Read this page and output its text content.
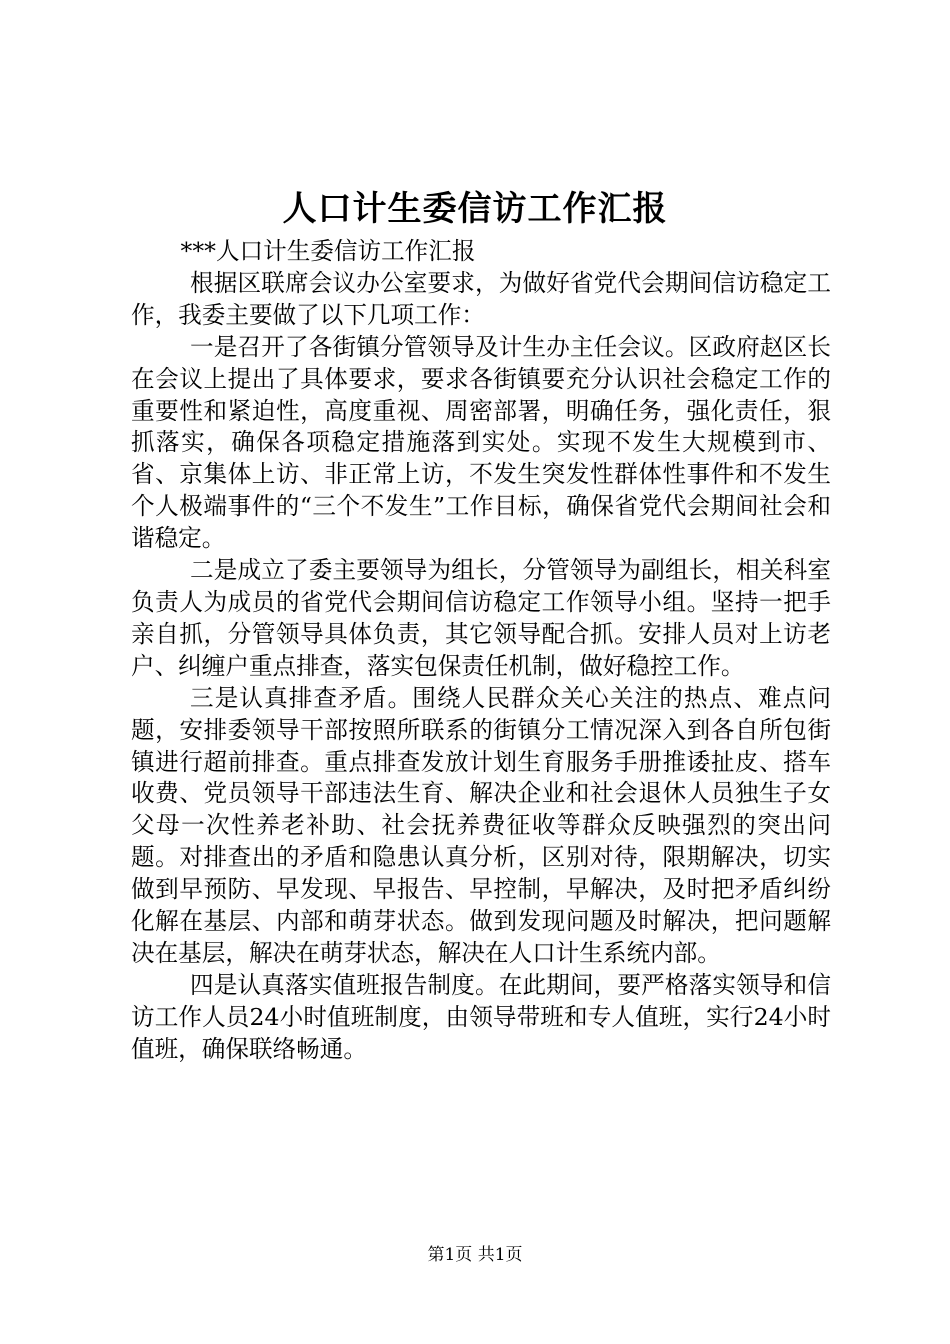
人口计生委信访工作汇报

***人口计生委信访工作汇报

根据区联席会议办公室要求，为做好省党代会期间信访稳定工作，我委主要做了以下几项工作：

一是召开了各街镇分管领导及计生办主任会议。区政府赵区长在会议上提出了具体要求，要求各街镇要充分认识社会稳定工作的重要性和紧迫性，高度重视、周密部署，明确任务，强化责任，狠抓落实，确保各项稳定措施落到实处。实现不发生大规模到市、省、京集体上访、非正常上访，不发生突发性群体性事件和不发生个人极端事件的“三个不发生”工作目标，确保省党代会期间社会和谐稳定。

二是成立了委主要领导为组长，分管领导为副组长，相关科室负责人为成员的省党代会期间信访稳定工作领导小组。坚持一把手亲自抓，分管领导具体负责，其它领导配合抓。安排人员对上访老户、纠缠户重点排查，落实包保责任机制，做好稳控工作。

三是认真排查矛盾。围绕人民群众关心关注的热点、难点问题，安排委领导干部按照所联系的街镇分工情况深入到各自所包街镇进行超前排查。重点排查发放计划生育服务手册推诿扯皮、搭车收费、党员领导干部违法生育、解决企业和社会退休人员独生子女父母一次性养老补助、社会抚养费征收等群众反映强烈的突出问题。对排查出的矛盾和隐患认真分析，区别对待，限期解决，切实做到早预防、早发现、早报告、早控制，早解决，及时把矛盾纠纷化解在基层、内部和萌芽状态。做到发现问题及时解决，把问题解决在基层，解决在萌芽状态，解决在人口计生系统内部。

四是认真落实值班报告制度。在此期间，要严格落实领导和信访工作人员24小时值班制度，由领导带班和专人值班，实行24小时值班，确保联络畅通。

第1页 共1页
